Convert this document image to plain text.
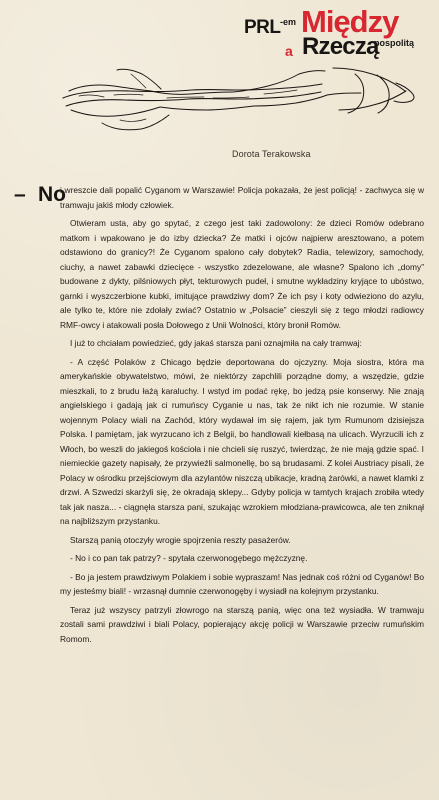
PRL -em Między
a Rzeczą
pospolitą
Dorota Terakowska
– No

i wreszcie dali popalić Cyganom w Warszawie! Policja pokazała, że jest policją! - zachwyca się w tramwaju jakiś młody człowiek.

Otwieram usta, aby go spytać, z czego jest taki zadowolony: że dzieci Romów odebrano matkom i wpakowano je do izby dziecka? Że matki i ojców najpierw aresztowano, a potem odstawiono do granicy?! Że Cyganom spalono cały dobytek? Radia, telewizory, samochody, ciuchy, a nawet zabawki dziecięce - wszystko zdezelowane, ale własne? Spalono ich „domy” budowane z dykty, pilśniowych płyt, tekturowych pudeł, i smutne wykładziny kryjące to ubóstwo, garnki i wyszczerbione kubki, imitujące prawdziwy dom? Że ich psy i koty odwieziono do azylu, ale tylko te, które nie zdołały zwiać? Ostatnio w „Polsacie” cieszyli się z tego młodzi radiowcy RMF-owcy i atakowali posła Dołowego z Unii Wolności, który bronił Romów.

I już to chciałam powiedzieć, gdy jakaś starsza pani oznajmiła na cały tramwaj:

- A część Polaków z Chicago będzie deportowana do ojczyzny. Moja siostra, która ma amerykańskie obywatelstwo, mówi, że niektórzy zapchlili porządne domy, a wszędzie, gdzie mieszkali, to z brudu łażą karaluchy. I wstyd im podać rękę, bo jedzą psie konserwy. Nie znają angielskiego i gadają jak ci rumuńscy Cyganie u nas, tak że nikt ich nie rozumie. W stanie wojennym Polacy wiali na Zachód, który wydawał im się rajem, jak tym Rumunom dzisiejsza Polska. I pamiętam, jak wyrzucano ich z Belgii, bo handlowali kiełbasą na ulicach. Wyrzucili ich z Włoch, bo weszli do jakiegoś kościoła i nie chcieli się ruszyć, twierdząc, że nie mają gdzie spać. I niemieckie gazety napisały, że przywieźli salmonellę, bo są brudasami. Z kolei Austriacy pisali, że Polacy w ośrodku przejściowym dla azylantów niszczą ubikacje, kradną żarówki, a nawet klamki z drzwi. A Szwedzi skarżyli się, że okradają sklepy... Gdyby policja w tamtych krajach zrobiła wtedy tak jak nasza... - ciągnęła starsza pani, szukając wzrokiem młodziana-prawicowca, ale ten zniknął na najbliższym przystanku.

Starszą panią otoczyły wrogie spojrzenia reszty pasażerów.

- No i co pan tak patrzy? - spytała czerwonogębego mężczyznę.

- Bo ja jestem prawdziwym Polakiem i sobie wypraszam! Nas jednak coś różni od Cyganów! Bo my jesteśmy biali! - wrzasnął dumnie czerwonogęby i wysiadł na kolejnym przystanku.

Teraz już wszyscy patrzyli złowrogo na starszą panią, więc ona też wysiadła. W tramwaju zostali sami prawdziwi i biali Polacy, popierający akcję policji w Warszawie przeciw rumuńskim Romom.
